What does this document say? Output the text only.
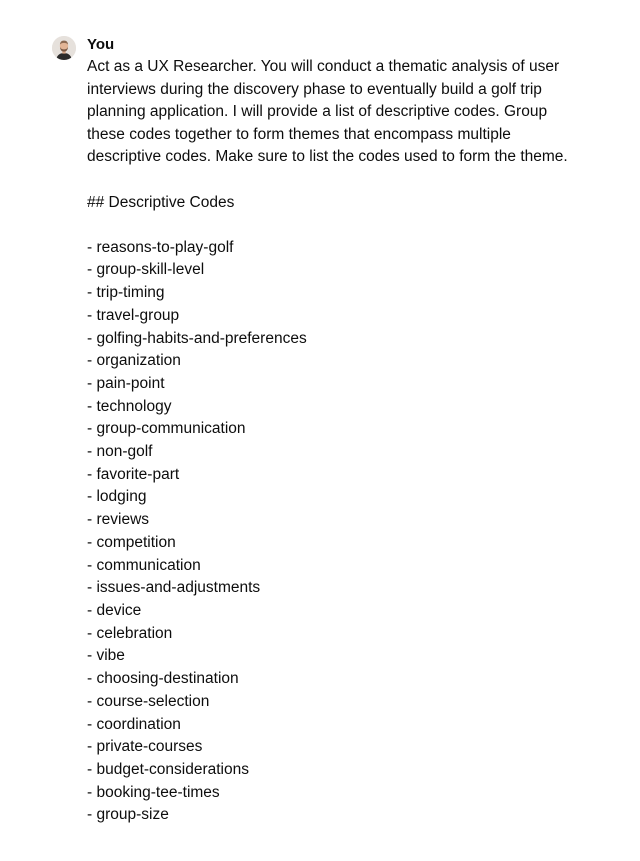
You

Act as a UX Researcher. You will conduct a thematic analysis of user interviews during the discovery phase to eventually build a golf trip planning application. I will provide a list of descriptive codes. Group these codes together to form themes that encompass multiple descriptive codes. Make sure to list the codes used to form the theme.

## Descriptive Codes
- reasons-to-play-golf
- group-skill-level
- trip-timing
- travel-group
- golfing-habits-and-preferences
- organization
- pain-point
- technology
- group-communication
- non-golf
- favorite-part
- lodging
- reviews
- competition
- communication
- issues-and-adjustments
- device
- celebration
- vibe
- choosing-destination
- course-selection
- coordination
- private-courses
- budget-considerations
- booking-tee-times
- group-size
